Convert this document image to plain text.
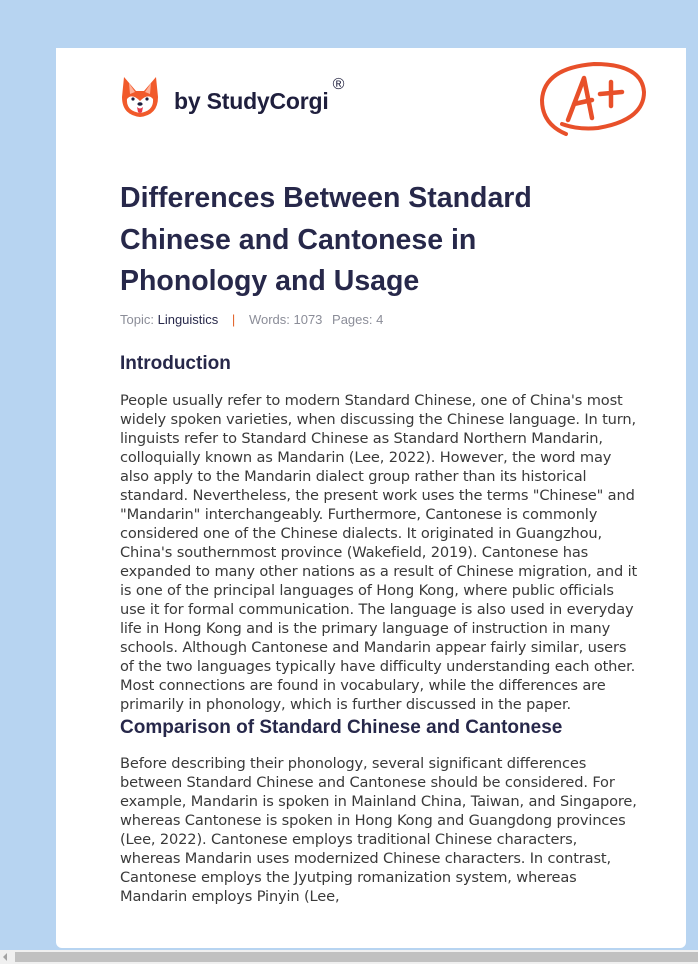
by StudyCorgi
®
Differences Between Standard Chinese and Cantonese in Phonology and Usage
Topic: Linguistics | Words: 1073 Pages: 4
Introduction

People usually refer to modern Standard Chinese, one of China's most widely spoken varieties, when discussing the Chinese language. In turn, linguists refer to Standard Chinese as Standard Northern Mandarin, colloquially known as Mandarin (Lee, 2022). However, the word may also apply to the Mandarin dialect group rather than its historical standard. Nevertheless, the present work uses the terms "Chinese" and "Mandarin" interchangeably. Furthermore, Cantonese is commonly considered one of the Chinese dialects. It originated in Guangzhou, China's southernmost province (Wakefield, 2019). Cantonese has expanded to many other nations as a result of Chinese migration, and it is one of the principal languages of Hong Kong, where public officials use it for formal communication. The language is also used in everyday life in Hong Kong and is the primary language of instruction in many schools. Although Cantonese and Mandarin appear fairly similar, users of the two languages typically have difficulty understanding each other. Most connections are found in vocabulary, while the differences are primarily in phonology, which is further discussed in the paper.

Comparison of Standard Chinese and Cantonese

Before describing their phonology, several significant differences between Standard Chinese and Cantonese should be considered. For example, Mandarin is spoken in Mainland China, Taiwan, and Singapore, whereas Cantonese is spoken in Hong Kong and Guangdong provinces (Lee, 2022). Cantonese employs traditional Chinese characters, whereas Mandarin uses modernized Chinese characters. In contrast, Cantonese employs the Jyutping romanization system, whereas Mandarin employs Pinyin (Lee,
